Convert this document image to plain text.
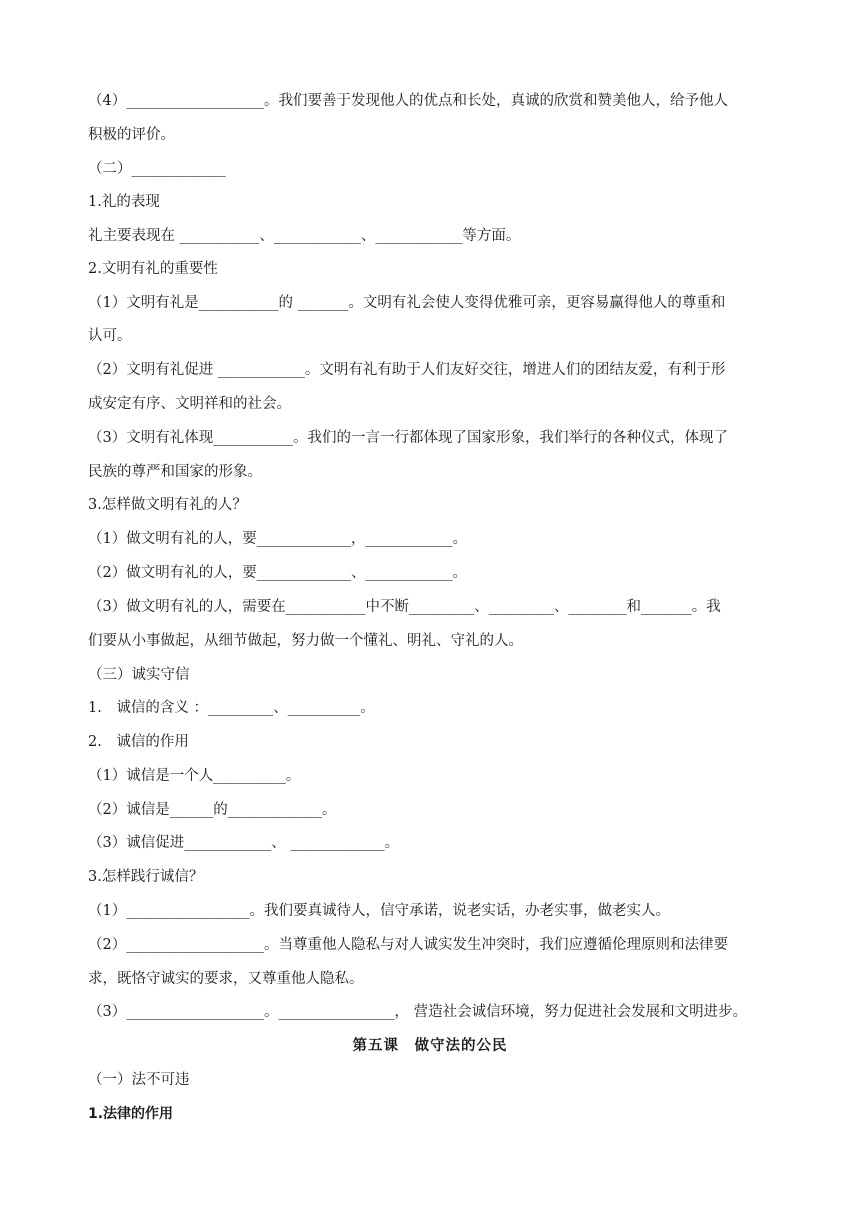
（4）___________________。我们要善于发现他人的优点和长处，真诚的欣赏和赞美他人，给予他人
积极的评价。
（二）_____________
1.礼的表现
礼主要表现在 ___________、____________、____________等方面。
2.文明有礼的重要性
（1）文明有礼是___________的 _______。文明有礼会使人变得优雅可亲，更容易赢得他人的尊重和
认可。
（2）文明有礼促进 ____________。文明有礼有助于人们友好交往，增进人们的团结友爱，有利于形
成安定有序、文明祥和的社会。
（3）文明有礼体现___________。我们的一言一行都体现了国家形象，我们举行的各种仪式，体现了
民族的尊严和国家的形象。
3.怎样做文明有礼的人？
（1）做文明有礼的人，要_____________，____________。
（2）做文明有礼的人，要_____________、____________。
（3）做文明有礼的人，需要在___________中不断_________、_________、________和_______。我
们要从小事做起，从细节做起，努力做一个懂礼、明礼、守礼的人。
（三）诚实守信
1.　诚信的含义 ：_________、__________。
2.　诚信的作用
（1）诚信是一个人__________。
（2）诚信是______的_____________。
（3）诚信促进____________、 _____________。
3.怎样践行诚信？
（1）_________________。我们要真诚待人，信守承诺，说老实话，办老实事，做老实人。
（2）___________________。当尊重他人隐私与对人诚实发生冲突时，我们应遵循伦理原则和法律要
求，既恪守诚实的要求，又尊重他人隐私。
（3）___________________。________________， 营造社会诚信环境，努力促进社会发展和文明进步。
第五课　做守法的公民
（一）法不可违
1.法律的作用
